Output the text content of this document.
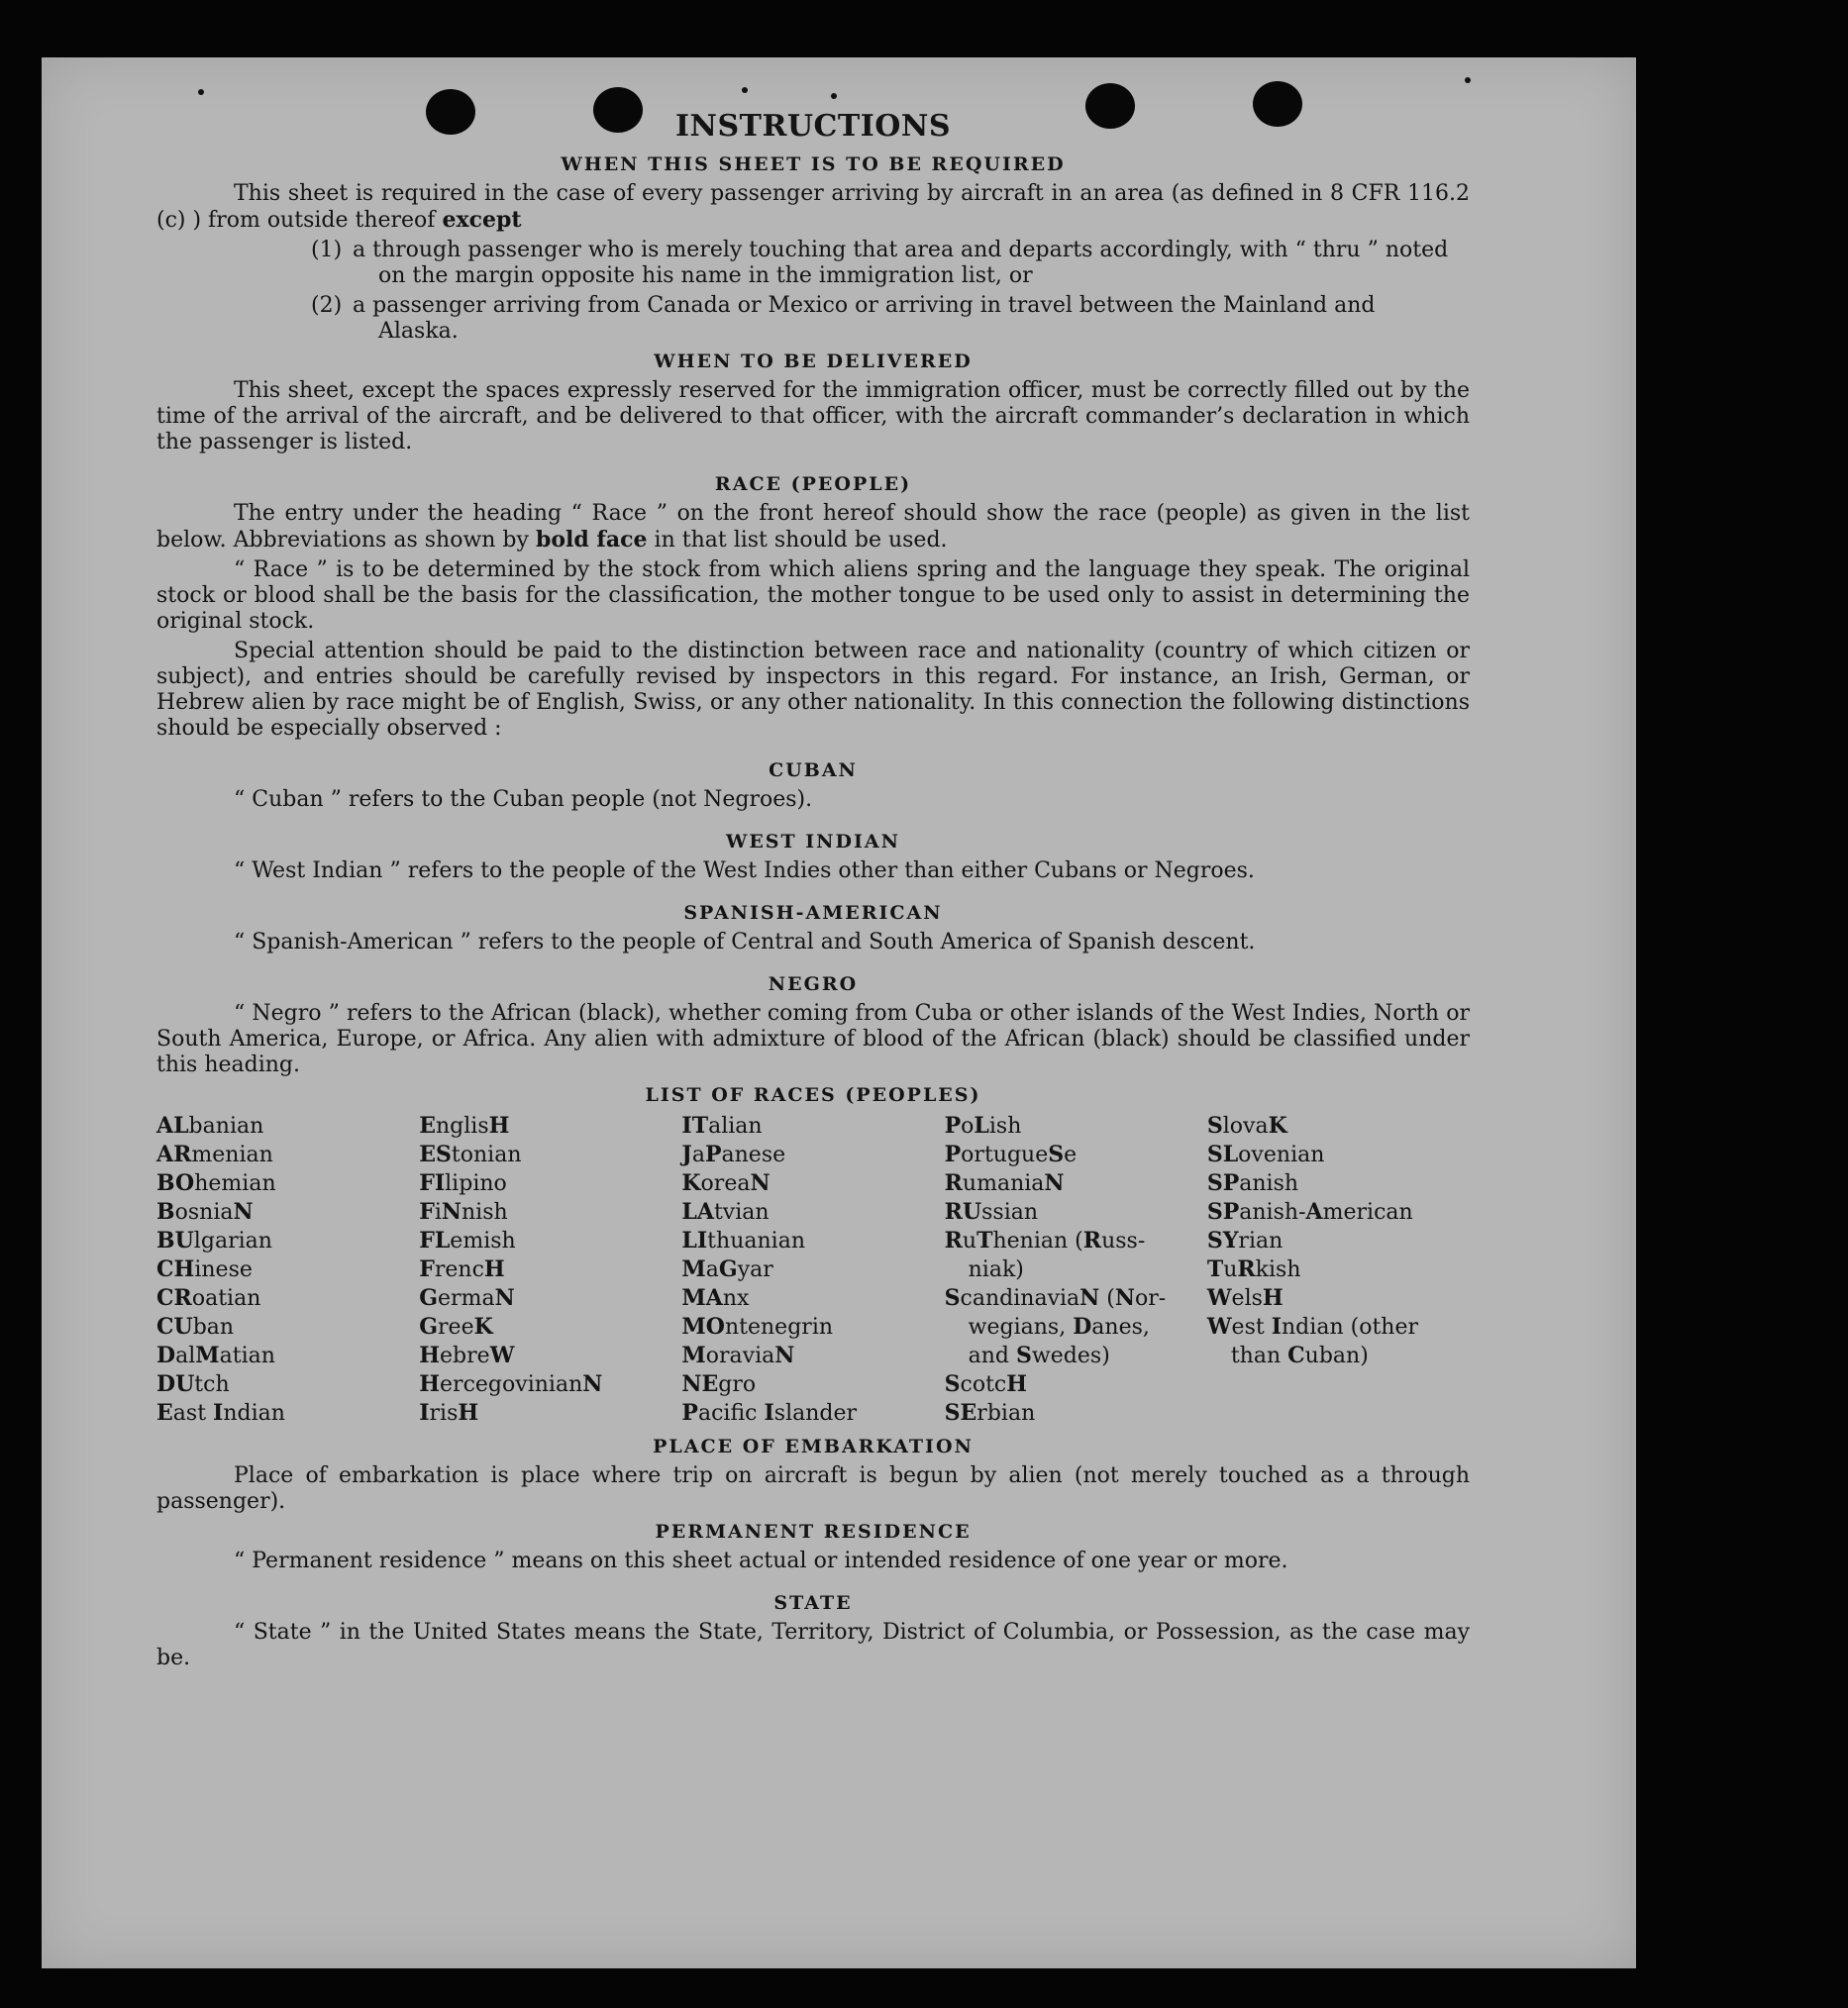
INSTRUCTIONS
WHEN THIS SHEET IS TO BE REQUIRED

This sheet is required in the case of every passenger arriving by aircraft in an area (as defined in 8 CFR 116.2 (c) ) from outside thereof except

(1) a through passenger who is merely touching that area and departs accordingly, with “ thru ” noted
on the margin opposite his name in the immigration list, or
(2) a passenger arriving from Canada or Mexico or arriving in travel between the Mainland and
Alaska.
WHEN TO BE DELIVERED

This sheet, except the spaces expressly reserved for the immigration officer, must be correctly filled out by the time of the arrival of the aircraft, and be delivered to that officer, with the aircraft commander’s declaration in which the passenger is listed.

RACE (PEOPLE)

The entry under the heading “ Race ” on the front hereof should show the race (people) as given in the list below. Abbreviations as shown by bold face in that list should be used.

“ Race ” is to be determined by the stock from which aliens spring and the language they speak. The original stock or blood shall be the basis for the classification, the mother tongue to be used only to assist in determining the original stock.

Special attention should be paid to the distinction between race and nationality (country of which citizen or subject), and entries should be carefully revised by inspectors in this regard. For instance, an Irish, German, or Hebrew alien by race might be of English, Swiss, or any other nationality. In this connection the following distinctions should be especially observed :

CUBAN

“ Cuban ” refers to the Cuban people (not Negroes).

WEST INDIAN

“ West Indian ” refers to the people of the West Indies other than either Cubans or Negroes.

SPANISH-AMERICAN

“ Spanish-American ” refers to the people of Central and South America of Spanish descent.

NEGRO

“ Negro ” refers to the African (black), whether coming from Cuba or other islands of the West Indies, North or South America, Europe, or Africa. Any alien with admixture of blood of the African (black) should be classified under this heading.

LIST OF RACES (PEOPLES)
ALbanian
ARmenian
BOhemian
BosniaN
BUlgarian
CHinese
CRoatian
CUban
DalMatian
DUtch
East Indian
EnglisH
EStonian
FIlipino
FiNnish
FLemish
FrencH
GermaN
GreeK
HebreW
HercegovinianN
IrisH
ITalian
JaPanese
KoreaN
LAtvian
LIthuanian
MaGyar
MAnx
MOntenegrin
MoraviaN
NEgro
Pacifc Islander
PoLish
PortugueSe
RumaniaN
RUssian
RuThenian (Russ-
niak)
ScandinaviaN (Nor-
wegians, Danes,
and Swedes)
ScotcH
SErbian
SlovaK
SLovenian
SPanish
SPanish-American
SYrian
TuRkish
WelsH
West Indian (other
than Cuban)
PLACE OF EMBARKATION

Place of embarkation is place where trip on aircraft is begun by alien (not merely touched as a through passenger).

PERMANENT RESIDENCE

“ Permanent residence ” means on this sheet actual or intended residence of one year or more.

STATE

“ State ” in the United States means the State, Territory, District of Columbia, or Possession, as the case may be.
